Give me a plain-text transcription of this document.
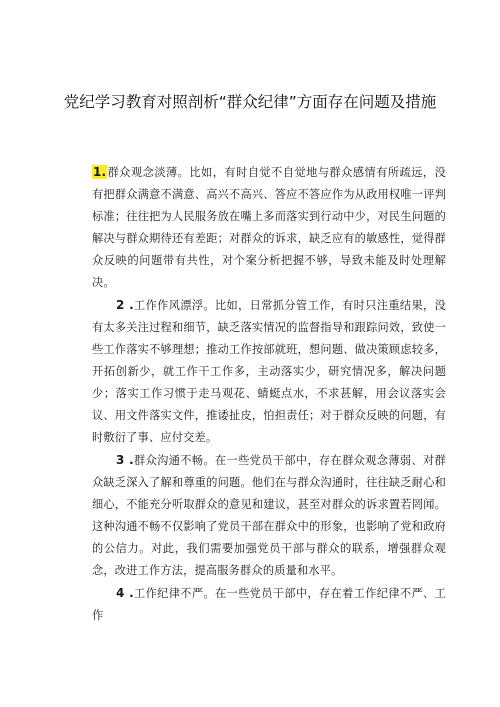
党纪学习教育对照剖析“群众纪律”方面存在问题及措施

1.群众观念淡薄。比如，有时自觉不自觉地与群众感情有所疏远，没有把群众满意不满意、高兴不高兴、答应不答应作为从政用权唯一评判标准；往往把为人民服务放在嘴上多而落实到行动中少，对民生问题的解决与群众期待还有差距；对群众的诉求，缺乏应有的敏感性，觉得群众反映的问题带有共性，对个案分析把握不够，导致未能及时处理解决。

2 .工作作风漂浮。比如，日常抓分管工作，有时只注重结果，没有太多关注过程和细节，缺乏落实情况的监督指导和跟踪问效，致使一些工作落实不够理想；推动工作按部就班，想问题、做决策顾虑较多，开拓创新少，就工作干工作多，主动落实少，研究情况多，解决问题少；落实工作习惯于走马观花、蜻蜓点水，不求甚解，用会议落实会议、用文件落实文件，推诿扯皮，怕担责任；对于群众反映的问题，有时敷衍了事、应付交差。

3 .群众沟通不畅。在一些党员干部中，存在群众观念薄弱、对群众缺乏深入了解和尊重的问题。他们在与群众沟通时，往往缺乏耐心和细心，不能充分听取群众的意见和建议，甚至对群众的诉求置若罔闻。这种沟通不畅不仅影响了党员干部在群众中的形象，也影响了党和政府的公信力。对此，我们需要加强党员干部与群众的联系，增强群众观念，改进工作方法，提高服务群众的质量和水平。

4 .工作纪律不严。在一些党员干部中，存在着工作纪律不严、工作
